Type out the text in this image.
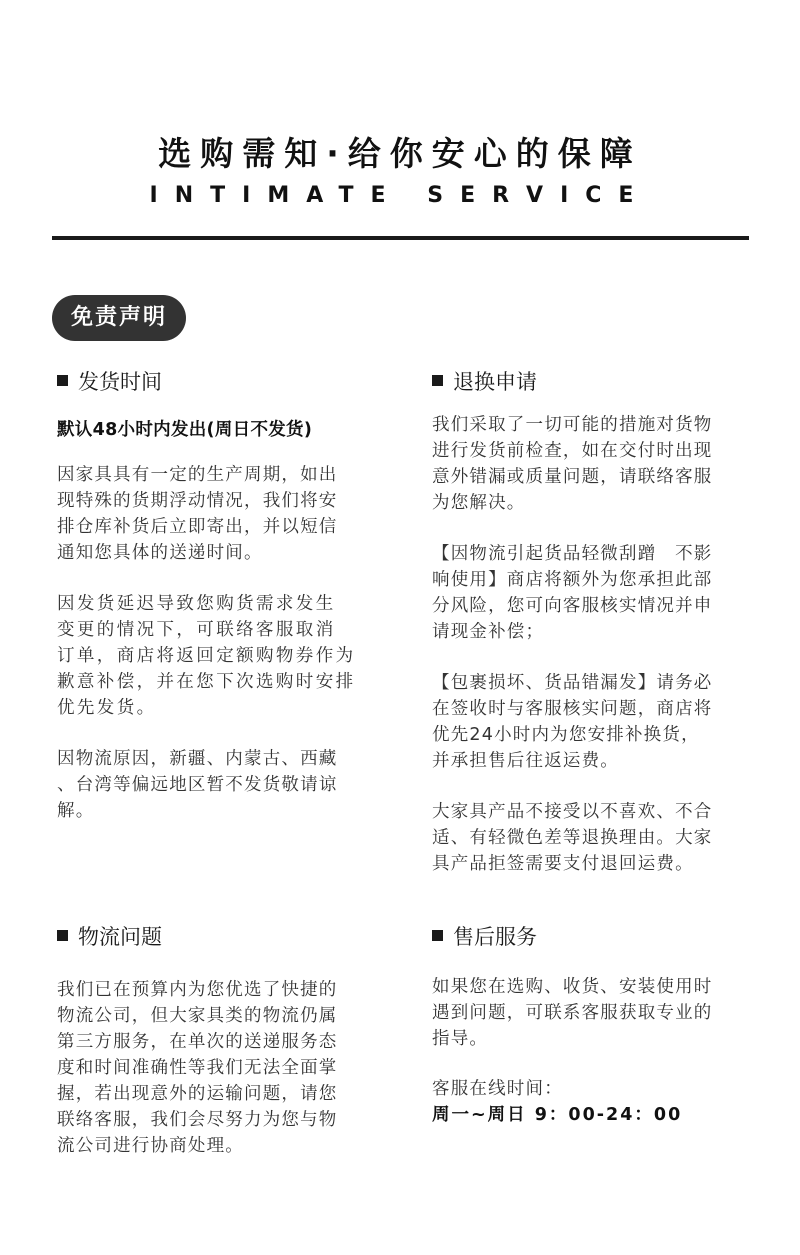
选购需知·给你安心的保障
INTIMATE SERVICE
免责声明
发货时间

默认48小时内发出(周日不发货)

因家具具有一定的生产周期，如出
现特殊的货期浮动情况，我们将安
排仓库补货后立即寄出，并以短信
通知您具体的送递时间。

因发货延迟导致您购货需求发生
变更的情况下，可联络客服取消
订单，商店将返回定额购物券作为
歉意补偿，并在您下次选购时安排
优先发货。

因物流原因，新疆、内蒙古、西藏
、台湾等偏远地区暂不发货敬请谅
解。

退换申请

我们采取了一切可能的措施对货物
进行发货前检查，如在交付时出现
意外错漏或质量问题，请联络客服
为您解决。

【因物流引起货品轻微刮蹭　不影
响使用】商店将额外为您承担此部
分风险，您可向客服核实情况并申
请现金补偿；

【包裹损坏、货品错漏发】请务必
在签收时与客服核实问题，商店将
优先24小时内为您安排补换货，
并承担售后往返运费。

大家具产品不接受以不喜欢、不合
适、有轻微色差等退换理由。大家
具产品拒签需要支付退回运费。

物流问题

我们已在预算内为您优选了快捷的
物流公司，但大家具类的物流仍属
第三方服务，在单次的送递服务态
度和时间准确性等我们无法全面掌
握，若出现意外的运输问题，请您
联络客服，我们会尽努力为您与物
流公司进行协商处理。

售后服务

如果您在选购、收货、安装使用时
遇到问题，可联系客服获取专业的
指导。

客服在线时间：

周一~周日 9：00-24：00
